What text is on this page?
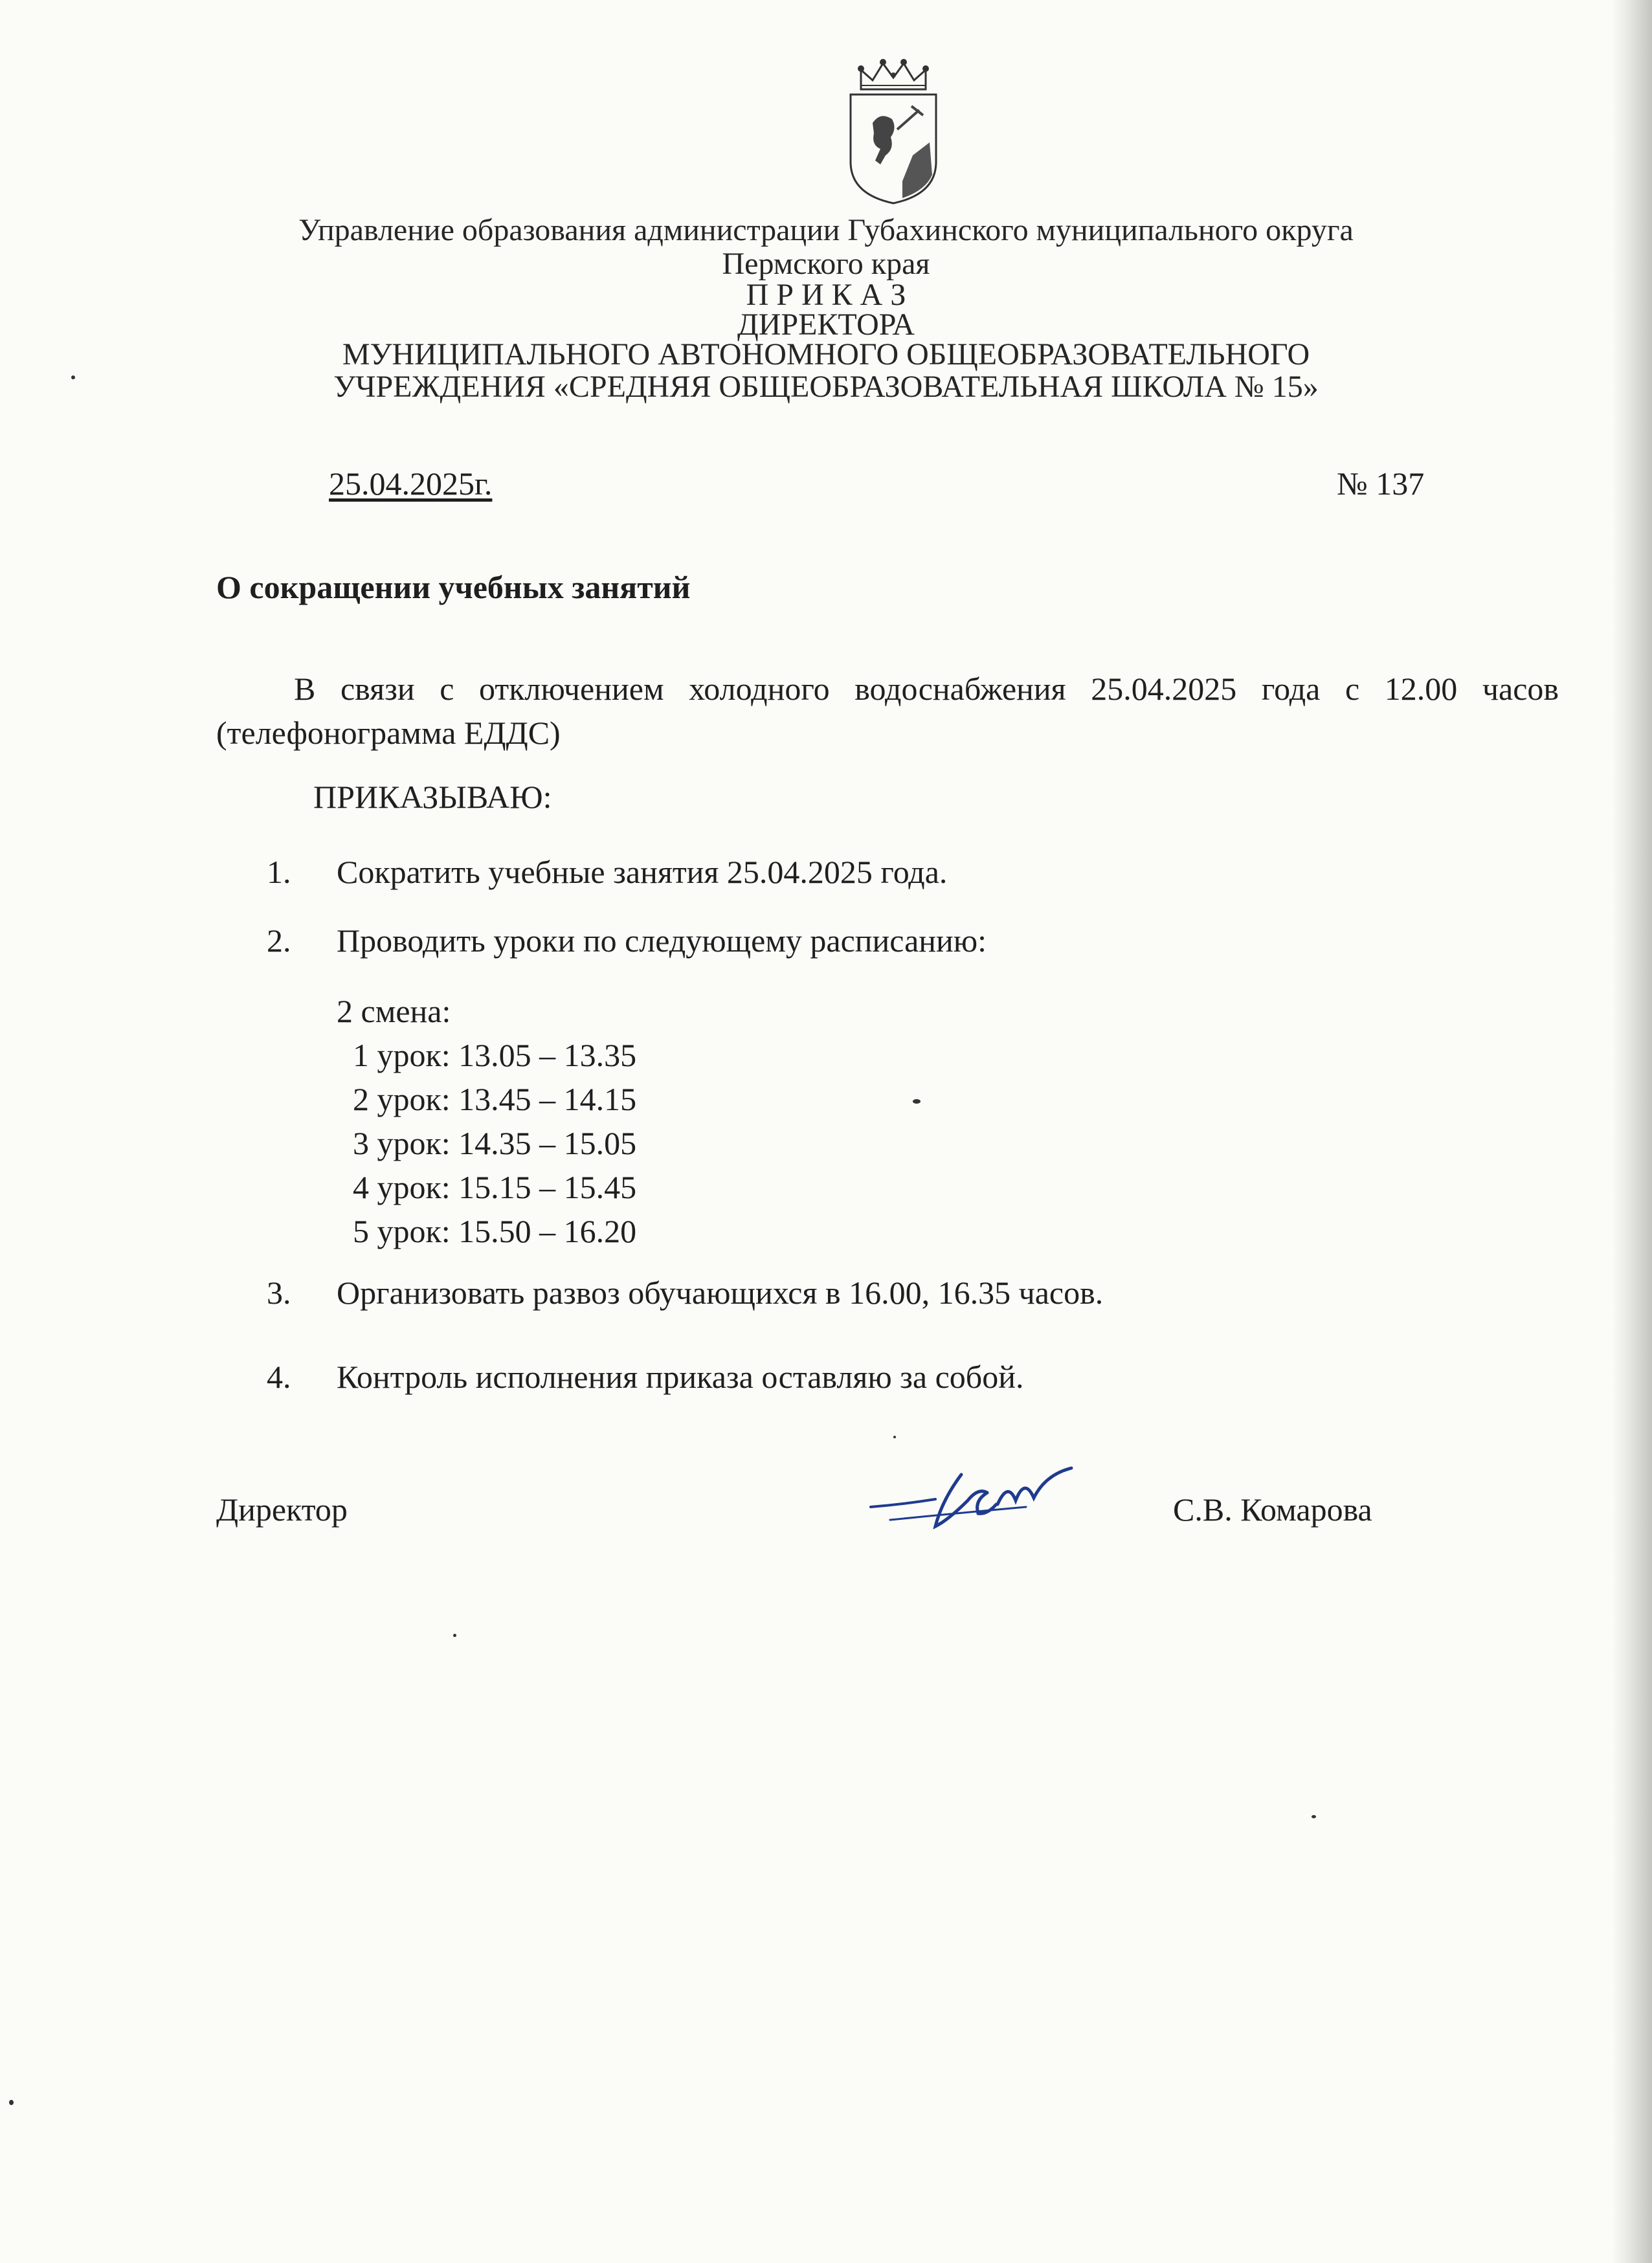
Управление образования администрации Губахинского муниципального округа
Пермского края
П Р И К А З
ДИРЕКТОРА
МУНИЦИПАЛЬНОГО АВТОНОМНОГО ОБЩЕОБРАЗОВАТЕЛЬНОГО
УЧРЕЖДЕНИЯ «СРЕДНЯЯ ОБЩЕОБРАЗОВАТЕЛЬНАЯ ШКОЛА № 15»
25.04.2025г.	№ 137
О сокращении учебных занятий
В связи с отключением холодного водоснабжения 25.04.2025 года с 12.00 часов (телефонограмма ЕДДС)
ПРИКАЗЫВАЮ:
1. Сократить учебные занятия 25.04.2025 года.
2. Проводить уроки по следующему расписанию:
2 смена:
1 урок: 13.05 – 13.35
2 урок: 13.45 – 14.15
3 урок: 14.35 – 15.05
4 урок: 15.15 – 15.45
5 урок: 15.50 – 16.20
3. Организовать развоз обучающихся в 16.00, 16.35 часов.
4. Контроль исполнения приказа оставляю за собой.
Директор	С.В. Комарова
